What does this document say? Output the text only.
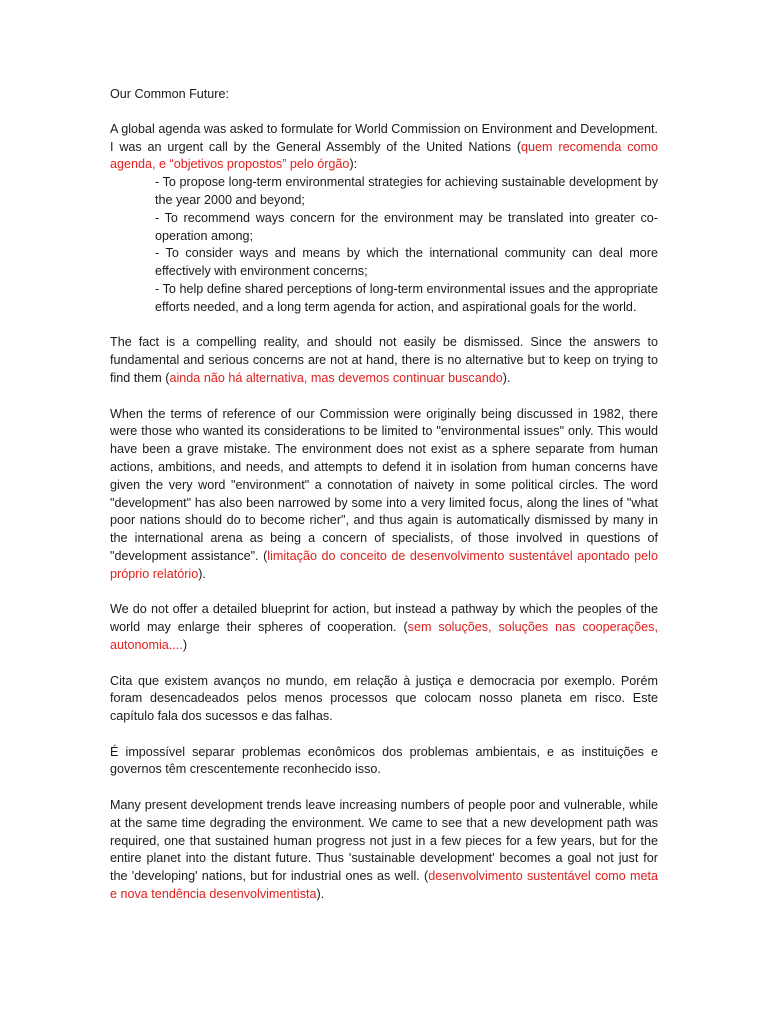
Our Common Future:

A global agenda was asked to formulate for World Commission on Environment and Development. I was an urgent call by the General Assembly of the United Nations (quem recomenda como agenda, e “objetivos propostos” pelo órgão):

- To propose long-term environmental strategies for achieving sustainable development by the year 2000 and beyond;
- To recommend ways concern for the environment may be translated into greater co-operation among;
- To consider ways and means by which the international community can deal more effectively with environment concerns;
- To help define shared perceptions of long-term environmental issues and the appropriate efforts needed, and a long term agenda for action, and aspirational goals for the world.

The fact is a compelling reality, and should not easily be dismissed. Since the answers to fundamental and serious concerns are not at hand, there is no alternative but to keep on trying to find them (ainda não há alternativa, mas devemos continuar buscando).

When the terms of reference of our Commission were originally being discussed in 1982, there were those who wanted its considerations to be limited to "environmental issues" only. This would have been a grave mistake. The environment does not exist as a sphere separate from human actions, ambitions, and needs, and attempts to defend it in isolation from human concerns have given the very word "environment" a connotation of naivety in some political circles. The word "development" has also been narrowed by some into a very limited focus, along the lines of "what poor nations should do to become richer", and thus again is automatically dismissed by many in the international arena as being a concern of specialists, of those involved in questions of "development assistance". (limitação do conceito de desenvolvimento sustentável apontado pelo próprio relatório).

We do not offer a detailed blueprint for action, but instead a pathway by which the peoples of the world may enlarge their spheres of cooperation. (sem soluções, soluções nas cooperações, autonomia....)

Cita que existem avanços no mundo, em relação à justiça e democracia por exemplo. Porém foram desencadeados pelos menos processos que colocam nosso planeta em risco. Este capítulo fala dos sucessos e das falhas.

É impossível separar problemas econômicos dos problemas ambientais, e as instituições e governos têm crescentemente reconhecido isso.

Many present development trends leave increasing numbers of people poor and vulnerable, while at the same time degrading the environment. We came to see that a new development path was required, one that sustained human progress not just in a few pieces for a few years, but for the entire planet into the distant future. Thus 'sustainable development' becomes a goal not just for the 'developing' nations, but for industrial ones as well. (desenvolvimento sustentável como meta e nova tendência desenvolvimentista).
